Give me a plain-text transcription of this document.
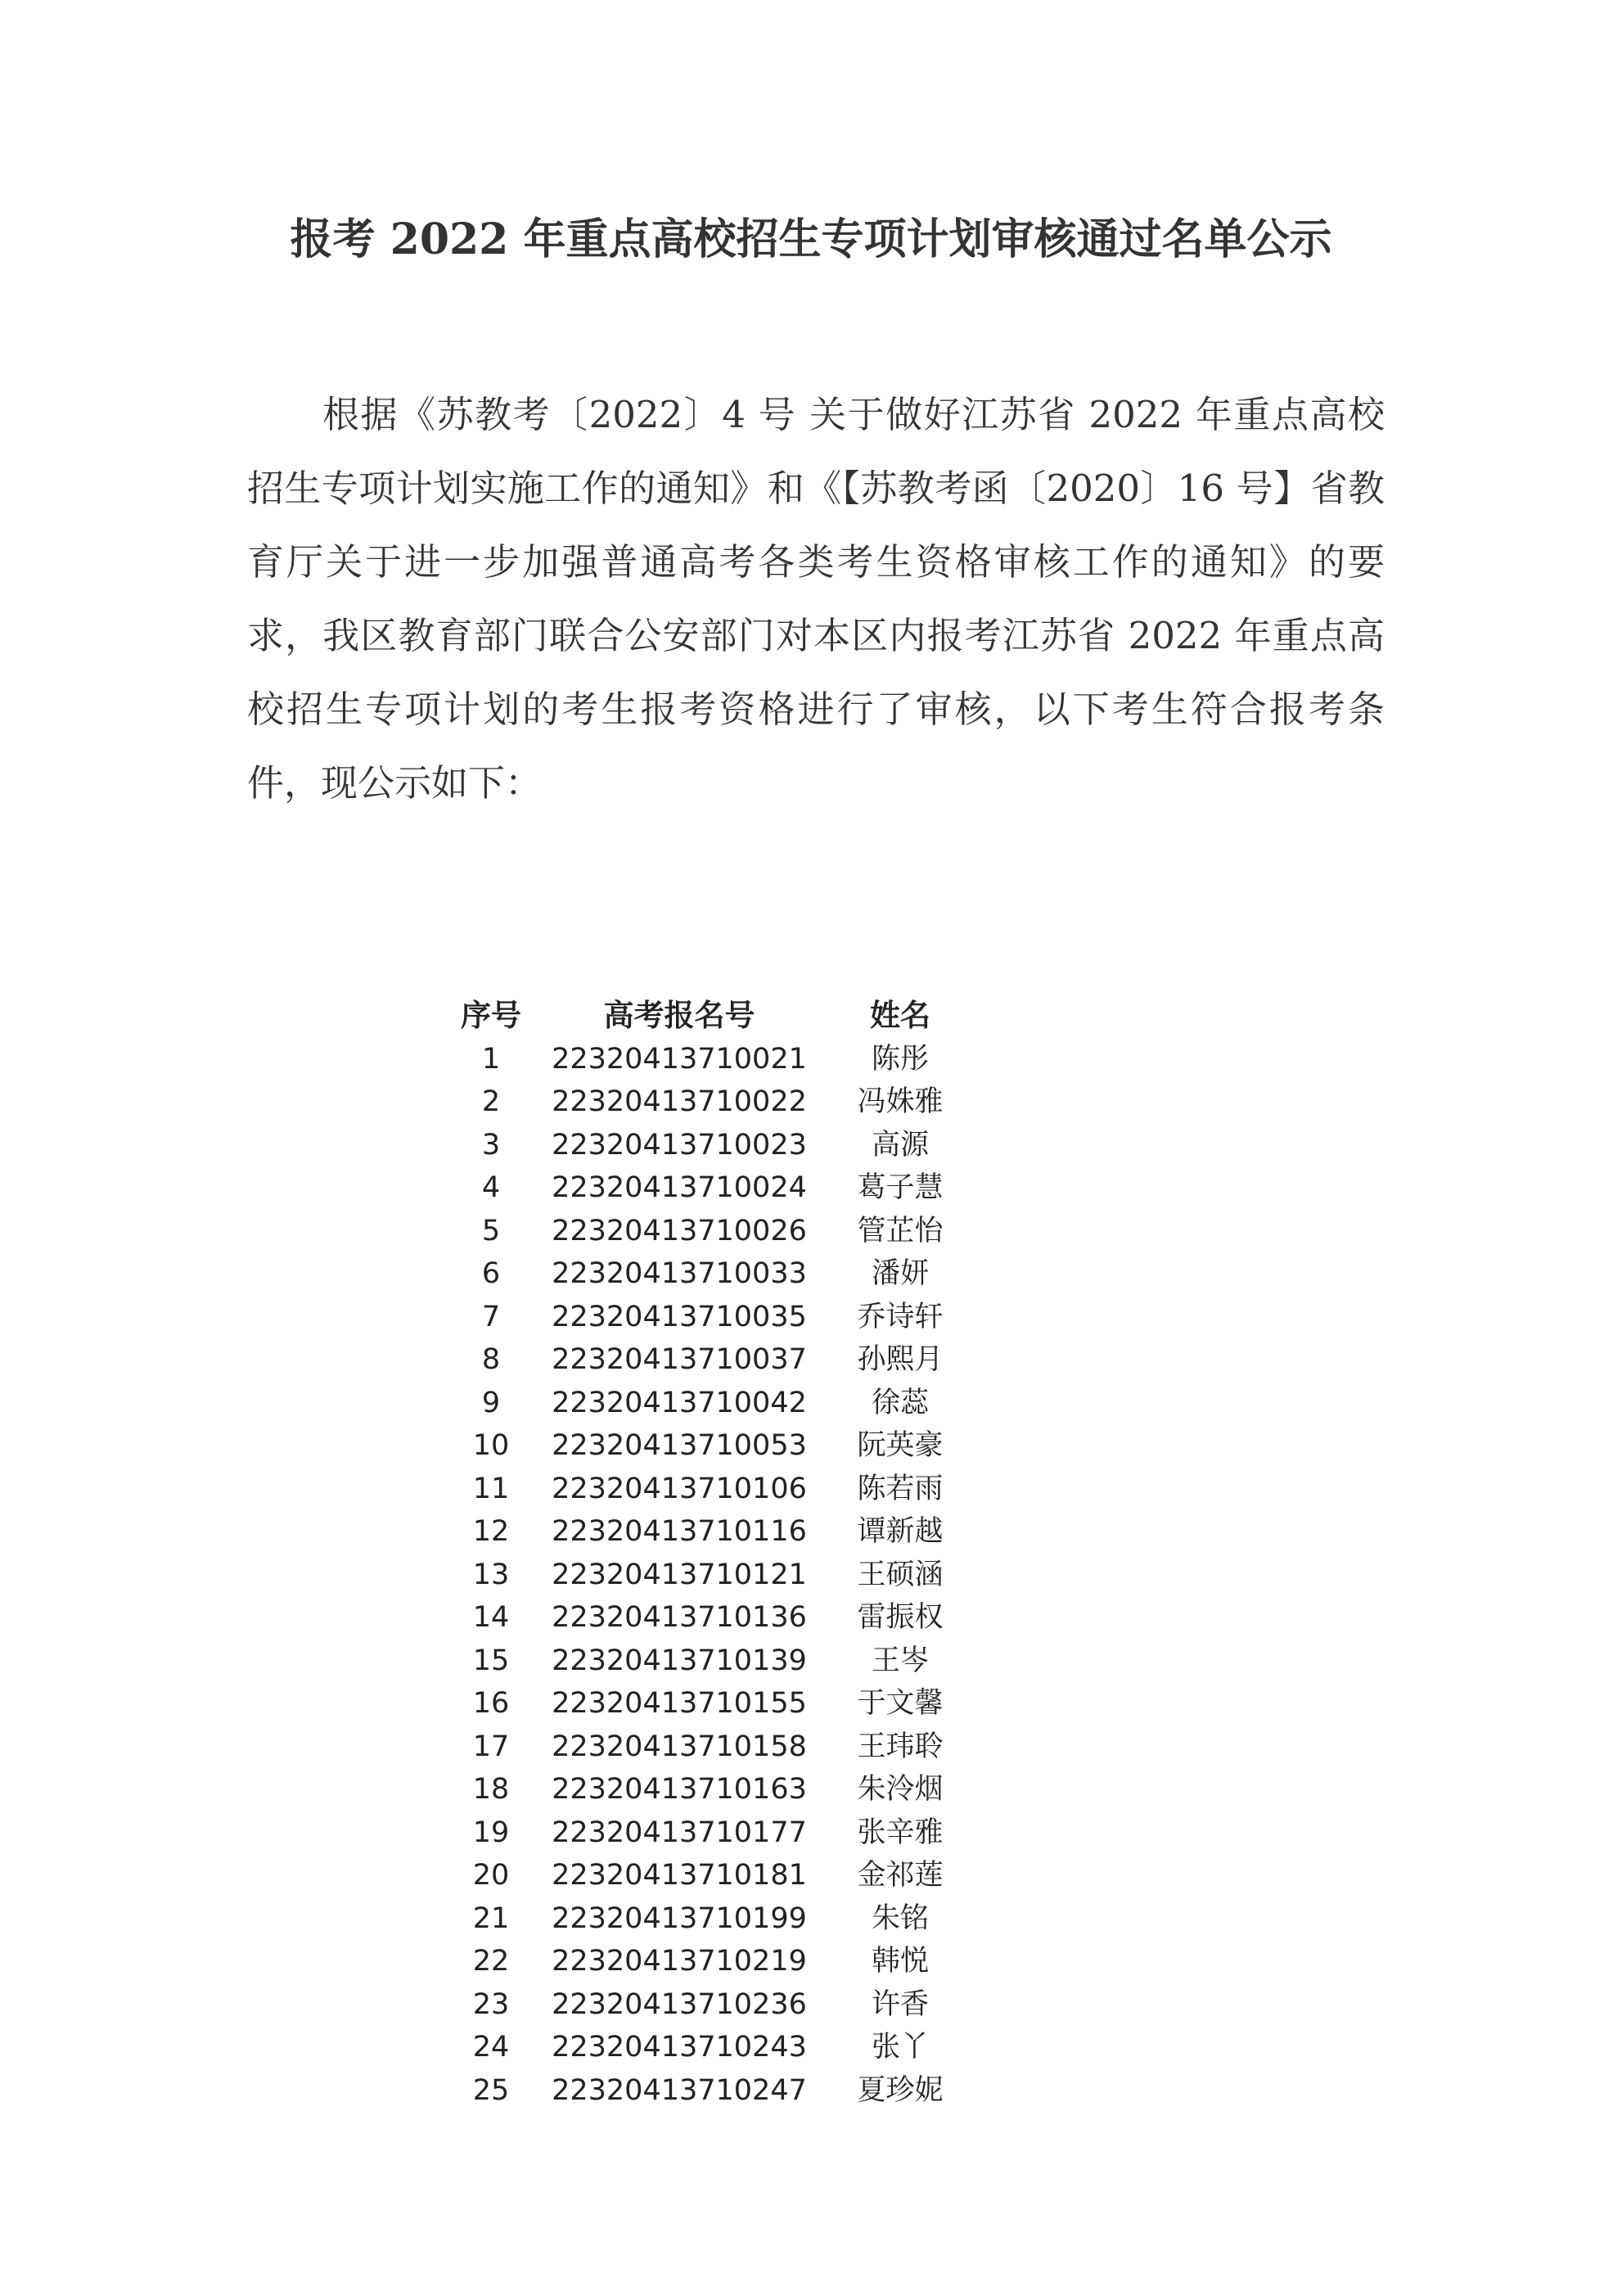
报考 2022 年重点高校招生专项计划审核通过名单公示

根据《苏教考〔2022〕4 号 关于做好江苏省 2022 年重点高校招生专项计划实施工作的通知》和《【苏教考函〔2020〕16 号】省教育厅关于进一步加强普通高考各类考生资格审核工作的通知》的要求，我区教育部门联合公安部门对本区内报考江苏省 2022 年重点高校招生专项计划的考生报考资格进行了审核，以下考生符合报考条件，现公示如下：

序号	高考报名号	姓名
1	22320413710021	陈彤
2	22320413710022	冯姝雅
3	22320413710023	高源
4	22320413710024	葛子慧
5	22320413710026	管芷怡
6	22320413710033	潘妍
7	22320413710035	乔诗轩
8	22320413710037	孙熙月
9	22320413710042	徐蕊
10	22320413710053	阮英豪
11	22320413710106	陈若雨
12	22320413710116	谭新越
13	22320413710121	王硕涵
14	22320413710136	雷振权
15	22320413710139	王岑
16	22320413710155	于文馨
17	22320413710158	王玮聆
18	22320413710163	朱泠烟
19	22320413710177	张辛雅
20	22320413710181	金祁莲
21	22320413710199	朱铭
22	22320413710219	韩悦
23	22320413710236	许香
24	22320413710243	张丫
25	22320413710247	夏珍妮
